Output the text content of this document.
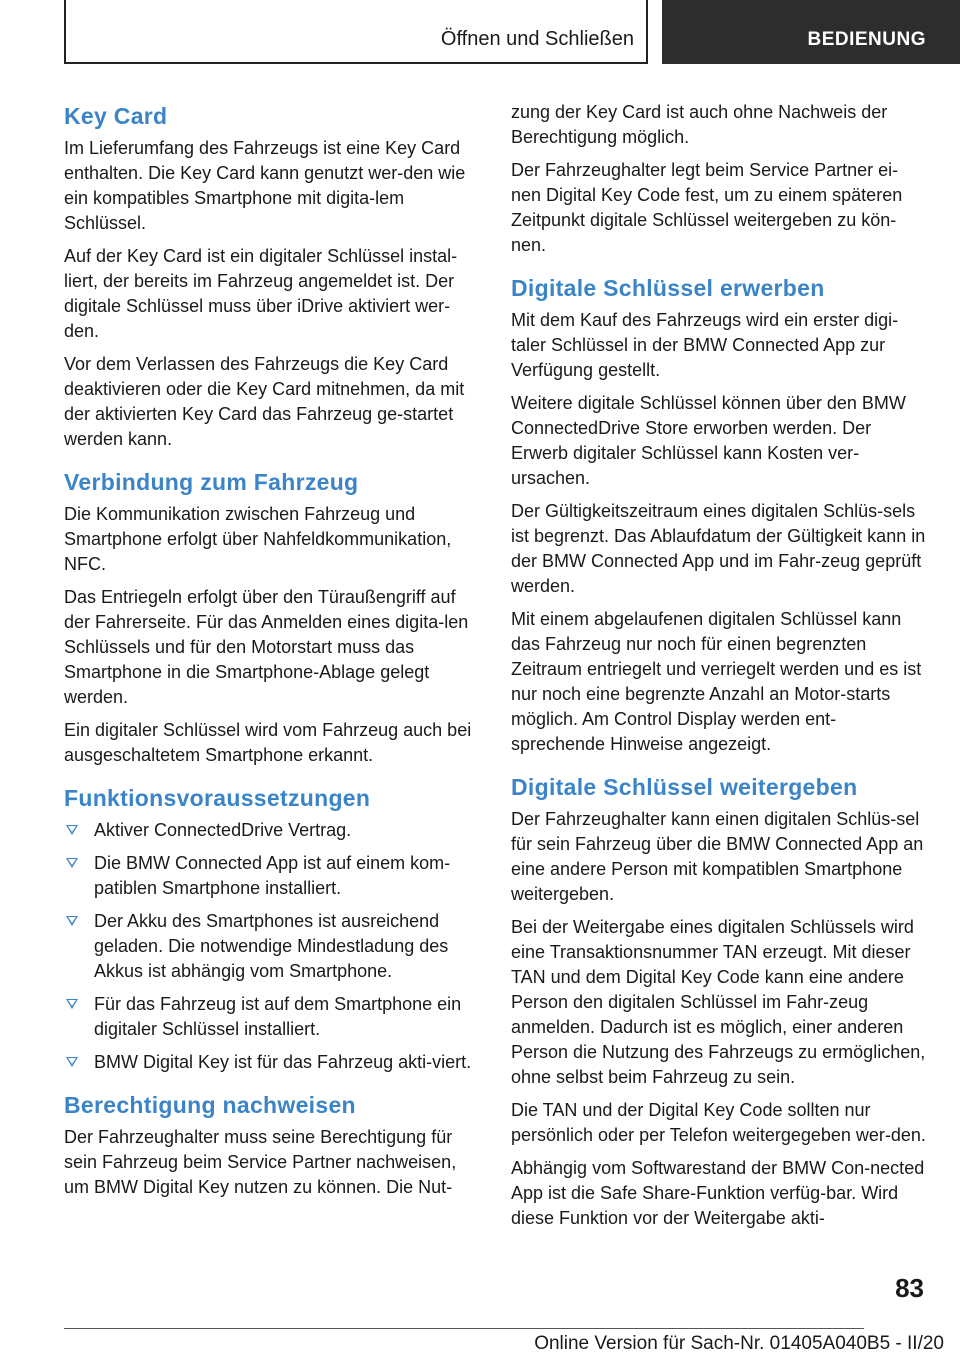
Öffnen und Schließen	BEDIENUNG
Key Card

Im Lieferumfang des Fahrzeugs ist eine Key Card enthalten. Die Key Card kann genutzt wer-den wie ein kompatibles Smartphone mit digita-lem Schlüssel.

Auf der Key Card ist ein digitaler Schlüssel instal-liert, der bereits im Fahrzeug angemeldet ist. Der digitale Schlüssel muss über iDrive aktiviert wer-den.

Vor dem Verlassen des Fahrzeugs die Key Card deaktivieren oder die Key Card mitnehmen, da mit der aktivierten Key Card das Fahrzeug ge-startet werden kann.

Verbindung zum Fahrzeug

Die Kommunikation zwischen Fahrzeug und Smartphone erfolgt über Nahfeldkommunikation, NFC.

Das Entriegeln erfolgt über den Türaußengriff auf der Fahrerseite. Für das Anmelden eines digita-len Schlüssels und für den Motorstart muss das Smartphone in die Smartphone-Ablage gelegt werden.

Ein digitaler Schlüssel wird vom Fahrzeug auch bei ausgeschaltetem Smartphone erkannt.

Funktionsvoraussetzungen
Aktiver ConnectedDrive Vertrag.
Die BMW Connected App ist auf einem kom-patiblen Smartphone installiert.
Der Akku des Smartphones ist ausreichend geladen. Die notwendige Mindestladung des Akkus ist abhängig vom Smartphone.
Für das Fahrzeug ist auf dem Smartphone ein digitaler Schlüssel installiert.
BMW Digital Key ist für das Fahrzeug akti-viert.
Berechtigung nachweisen

Der Fahrzeughalter muss seine Berechtigung für sein Fahrzeug beim Service Partner nachweisen, um BMW Digital Key nutzen zu können. Die Nut-

zung der Key Card ist auch ohne Nachweis der Berechtigung möglich.

Der Fahrzeughalter legt beim Service Partner ei-nen Digital Key Code fest, um zu einem späteren Zeitpunkt digitale Schlüssel weitergeben zu kön-nen.

Digitale Schlüssel erwerben

Mit dem Kauf des Fahrzeugs wird ein erster digi-taler Schlüssel in der BMW Connected App zur Verfügung gestellt.

Weitere digitale Schlüssel können über den BMW ConnectedDrive Store erworben werden. Der Erwerb digitaler Schlüssel kann Kosten ver-ursachen.

Der Gültigkeitszeitraum eines digitalen Schlüs-sels ist begrenzt. Das Ablaufdatum der Gültigkeit kann in der BMW Connected App und im Fahr-zeug geprüft werden.

Mit einem abgelaufenen digitalen Schlüssel kann das Fahrzeug nur noch für einen begrenzten Zeitraum entriegelt und verriegelt werden und es ist nur noch eine begrenzte Anzahl an Motor-starts möglich. Am Control Display werden ent-sprechende Hinweise angezeigt.

Digitale Schlüssel weitergeben

Der Fahrzeughalter kann einen digitalen Schlüs-sel für sein Fahrzeug über die BMW Connected App an eine andere Person mit kompatiblen Smartphone weitergeben.

Bei der Weitergabe eines digitalen Schlüssels wird eine Transaktionsnummer TAN erzeugt. Mit dieser TAN und dem Digital Key Code kann eine andere Person den digitalen Schlüssel im Fahr-zeug anmelden. Dadurch ist es möglich, einer anderen Person die Nutzung des Fahrzeugs zu ermöglichen, ohne selbst beim Fahrzeug zu sein.

Die TAN und der Digital Key Code sollten nur persönlich oder per Telefon weitergegeben wer-den.

Abhängig vom Softwarestand der BMW Con-nected App ist die Safe Share-Funktion verfüg-bar. Wird diese Funktion vor der Weitergabe akti-

83
Online Version für Sach-Nr. 01405A040B5 - II/20
